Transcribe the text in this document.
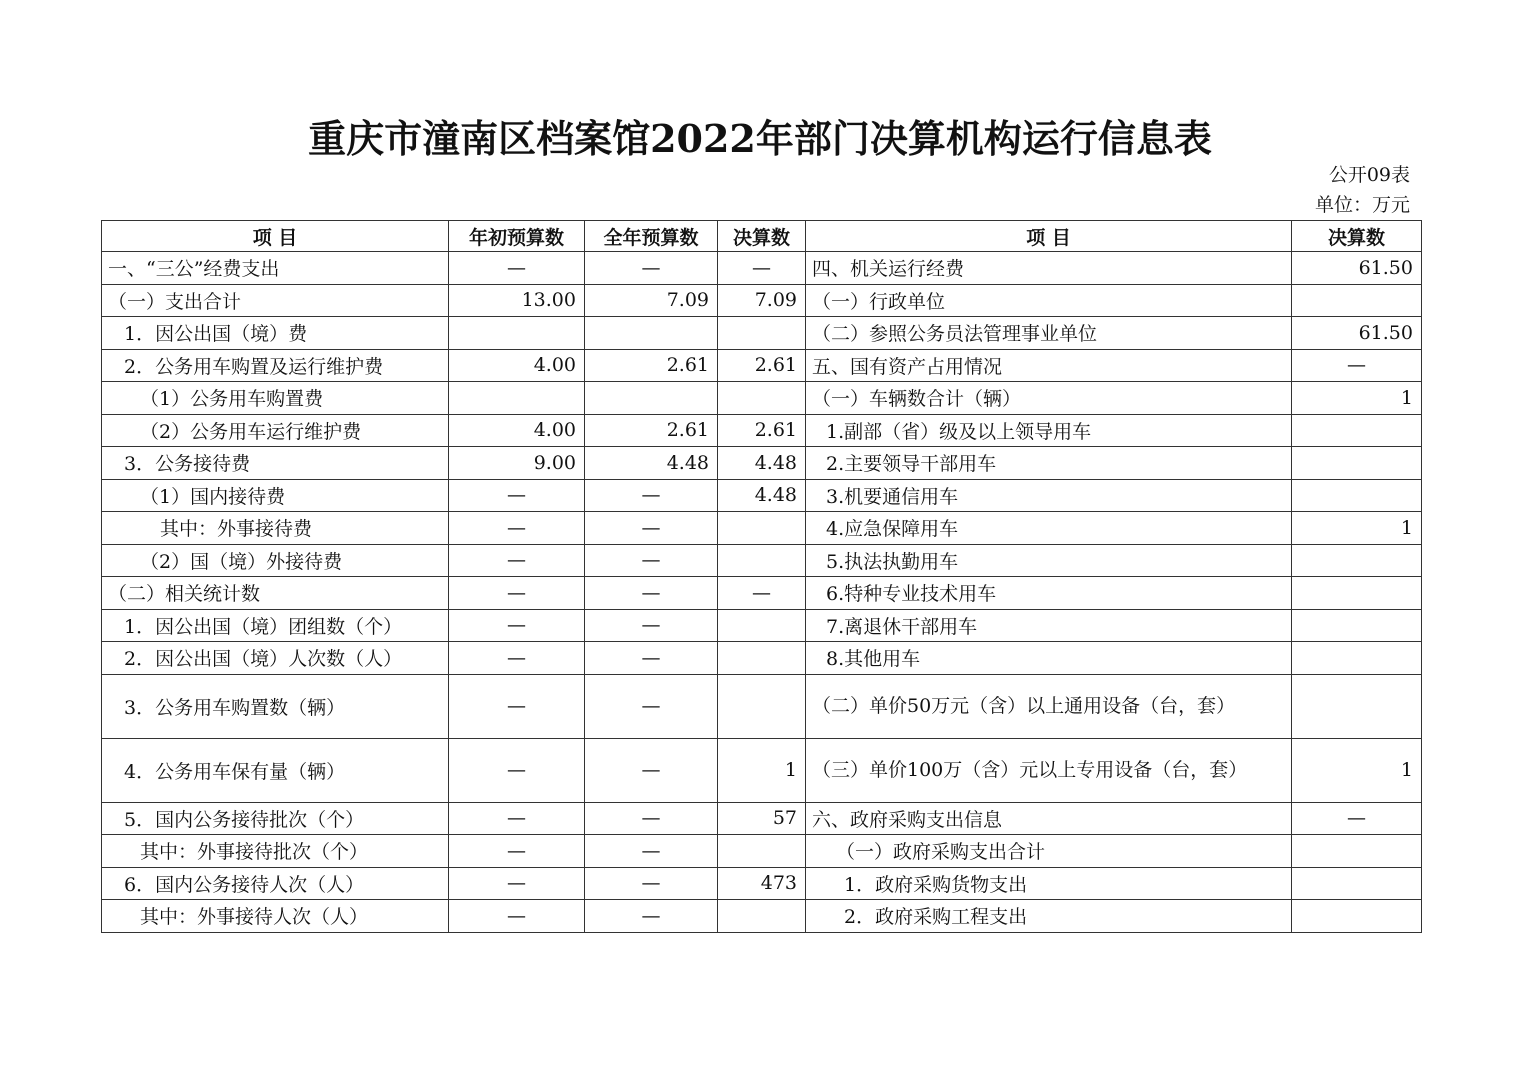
重庆市潼南区档案馆2022年部门决算机构运行信息表
公开09表
单位：万元
项 目	年初预算数	全年预算数	决算数	项 目	决算数
一、“三公”经费支出	—	—	—	四、机关运行经费	61.50
（一）支出合计	13.00	7.09	7.09	（一）行政单位	
1．因公出国（境）费				（二）参照公务员法管理事业单位	61.50
2．公务用车购置及运行维护费	4.00	2.61	2.61	五、国有资产占用情况	—
（1）公务用车购置费				（一）车辆数合计（辆）	1
（2）公务用车运行维护费	4.00	2.61	2.61	1.副部（省）级及以上领导用车	
3．公务接待费	9.00	4.48	4.48	2.主要领导干部用车	
（1）国内接待费	—	—	4.48	3.机要通信用车	
其中：外事接待费	—	—		4.应急保障用车	1
（2）国（境）外接待费	—	—		5.执法执勤用车	
（二）相关统计数	—	—	—	6.特种专业技术用车	
1．因公出国（境）团组数（个）	—	—		7.离退休干部用车	
2．因公出国（境）人次数（人）	—	—		8.其他用车	
3．公务用车购置数（辆）	—	—		（二）单价50万元（含）以上通用设备（台，套）	
4．公务用车保有量（辆）	—	—	1	（三）单价100万（含）元以上专用设备（台，套）	1
5．国内公务接待批次（个）	—	—	57	六、政府采购支出信息	—
其中：外事接待批次（个）	—	—		（一）政府采购支出合计	
6．国内公务接待人次（人）	—	—	473	1．政府采购货物支出	
其中：外事接待人次（人）	—	—		2．政府采购工程支出	
